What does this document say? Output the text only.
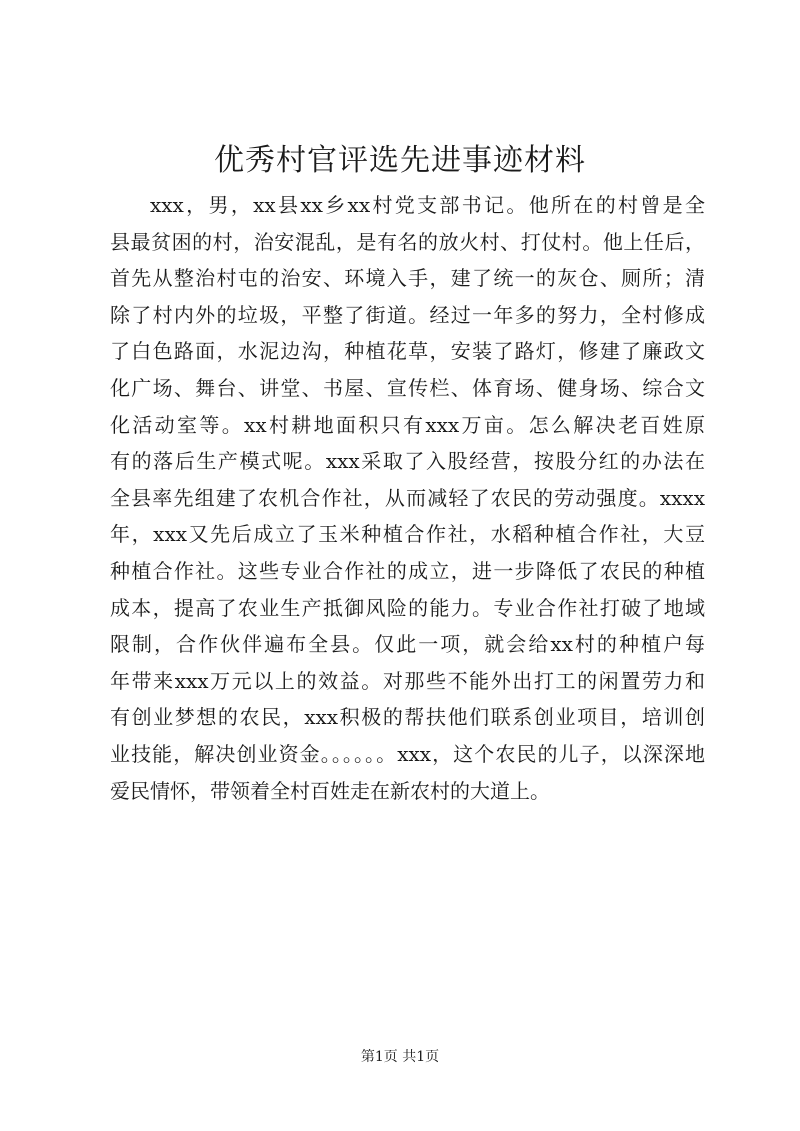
优秀村官评选先进事迹材料
xxx，男，xx县xx乡xx村党支部书记。他所在的村曾是全
县最贫困的村，治安混乱，是有名的放火村、打仗村。他上任后，
首先从整治村屯的治安、环境入手，建了统一的灰仓、厕所；清
除了村内外的垃圾，平整了街道。经过一年多的努力，全村修成
了白色路面，水泥边沟，种植花草，安装了路灯，修建了廉政文
化广场、舞台、讲堂、书屋、宣传栏、体育场、健身场、综合文
化活动室等。xx村耕地面积只有xxx万亩。怎么解决老百姓原
有的落后生产模式呢。xxx采取了入股经营，按股分红的办法在
全县率先组建了农机合作社，从而减轻了农民的劳动强度。xxxx
年，xxx又先后成立了玉米种植合作社，水稻种植合作社，大豆
种植合作社。这些专业合作社的成立，进一步降低了农民的种植
成本，提高了农业生产抵御风险的能力。专业合作社打破了地域
限制，合作伙伴遍布全县。仅此一项，就会给xx村的种植户每
年带来xxx万元以上的效益。对那些不能外出打工的闲置劳力和
有创业梦想的农民，xxx积极的帮扶他们联系创业项目，培训创
业技能，解决创业资金。。。。。。xxx，这个农民的儿子，以深深地
爱民情怀，带领着全村百姓走在新农村的大道上。
第1页 共1页
